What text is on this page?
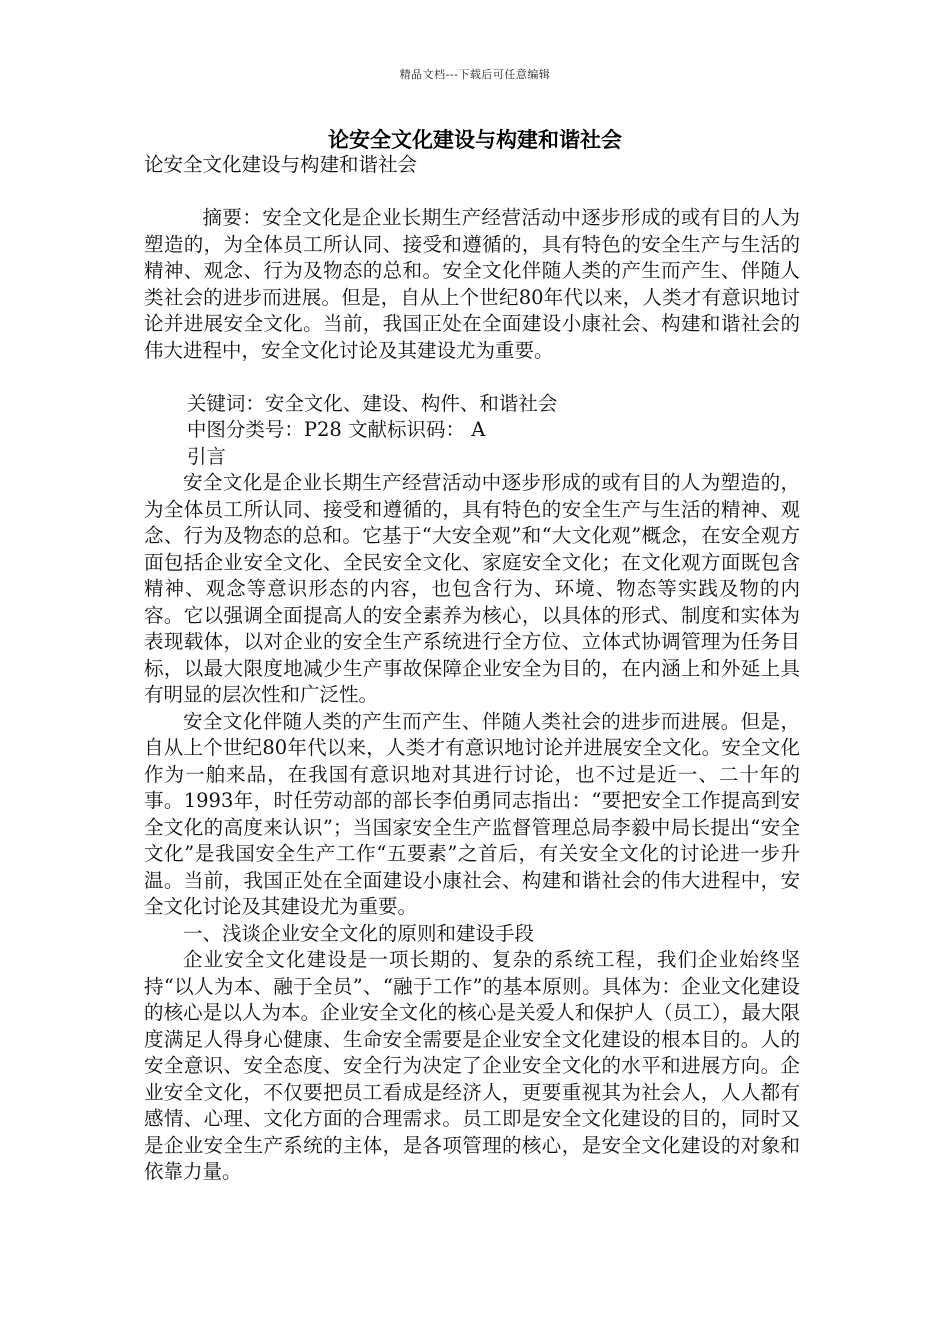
精品文档---下载后可任意编辑
论安全文化建设与构建和谐社会

论安全文化建设与构建和谐社会

摘要：安全文化是企业长期生产经营活动中逐步形成的或有目的人为塑造的，为全体员工所认同、接受和遵循的，具有特色的安全生产与生活的精神、观念、行为及物态的总和。安全文化伴随人类的产生而产生、伴随人类社会的进步而进展。但是，自从上个世纪80年代以来，人类才有意识地讨论并进展安全文化。当前，我国正处在全面建设小康社会、构建和谐社会的伟大进程中，安全文化讨论及其建设尤为重要。

关键词：安全文化、建设、构件、和谐社会

中图分类号：P28 文献标识码： A

引言

安全文化是企业长期生产经营活动中逐步形成的或有目的人为塑造的，为全体员工所认同、接受和遵循的，具有特色的安全生产与生活的精神、观念、行为及物态的总和。它基于“大安全观”和“大文化观”概念，在安全观方面包括企业安全文化、全民安全文化、家庭安全文化；在文化观方面既包含精神、观念等意识形态的内容，也包含行为、环境、物态等实践及物的内容。它以强调全面提高人的安全素养为核心，以具体的形式、制度和实体为表现载体，以对企业的安全生产系统进行全方位、立体式协调管理为任务目标，以最大限度地减少生产事故保障企业安全为目的，在内涵上和外延上具有明显的层次性和广泛性。

安全文化伴随人类的产生而产生、伴随人类社会的进步而进展。但是，自从上个世纪80年代以来，人类才有意识地讨论并进展安全文化。安全文化作为一舶来品，在我国有意识地对其进行讨论，也不过是近一、二十年的事。1993年，时任劳动部的部长李伯勇同志指出：“要把安全工作提高到安全文化的高度来认识”；当国家安全生产监督管理总局李毅中局长提出“安全文化”是我国安全生产工作“五要素”之首后，有关安全文化的讨论进一步升温。当前，我国正处在全面建设小康社会、构建和谐社会的伟大进程中，安全文化讨论及其建设尤为重要。

一、浅谈企业安全文化的原则和建设手段

企业安全文化建设是一项长期的、复杂的系统工程，我们企业始终坚持“以人为本、融于全员”、“融于工作”的基本原则。具体为：企业文化建设的核心是以人为本。企业安全文化的核心是关爱人和保护人（员工），最大限度满足人得身心健康、生命安全需要是企业安全文化建设的根本目的。人的安全意识、安全态度、安全行为决定了企业安全文化的水平和进展方向。企业安全文化，不仅要把员工看成是经济人，更要重视其为社会人，人人都有感情、心理、文化方面的合理需求。员工即是安全文化建设的目的，同时又是企业安全生产系统的主体，是各项管理的核心，是安全文化建设的对象和依靠力量。
